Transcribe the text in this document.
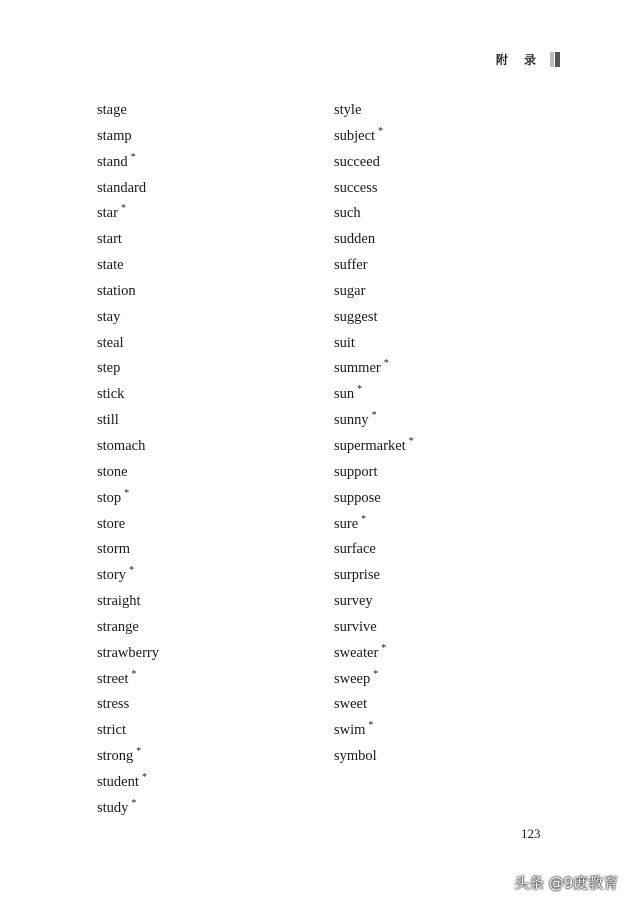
附 录
stage
stamp
stand *
standard
star *
start
state
station
stay
steal
step
stick
still
stomach
stone
stop *
store
storm
story *
straight
strange
strawberry
street *
stress
strict
strong *
student *
study *
style
subject *
succeed
success
such
sudden
suffer
sugar
suggest
suit
summer *
sun *
sunny *
supermarket *
support
suppose
sure *
surface
surprise
survey
survive
sweater *
sweep *
sweet
swim *
symbol
123
头条 @9度教育
